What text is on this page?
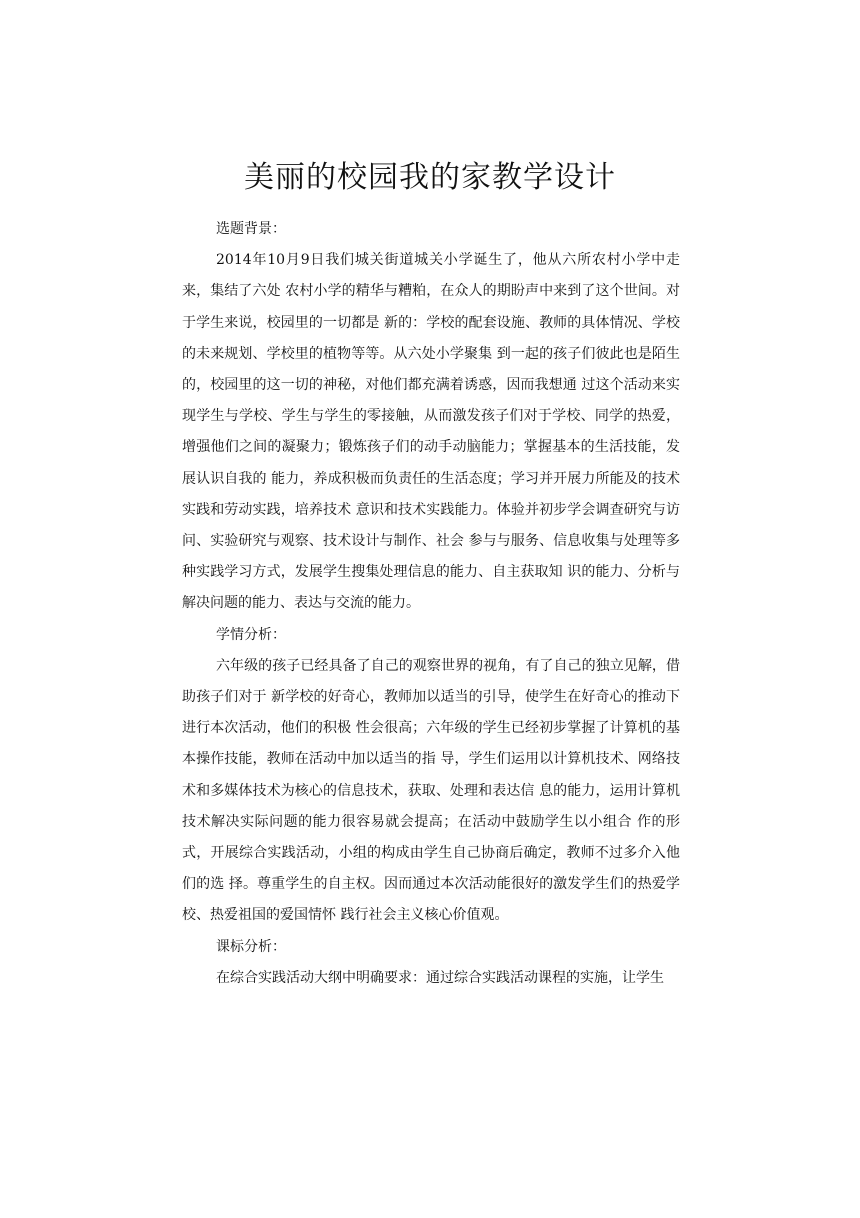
美丽的校园我的家教学设计

选题背景：

2014年10月9日我们城关街道城关小学诞生了，他从六所农村小学中走来，集结了六处 农村小学的精华与糟粕，在众人的期盼声中来到了这个世间。对于学生来说，校园里的一切都是 新的：学校的配套设施、教师的具体情况、学校的未来规划、学校里的植物等等。从六处小学聚集 到一起的孩子们彼此也是陌生的，校园里的这一切的神秘，对他们都充满着诱惑，因而我想通 过这个活动来实现学生与学校、学生与学生的零接触，从而激发孩子们对于学校、同学的热爱， 增强他们之间的凝聚力；锻炼孩子们的动手动脑能力；掌握基本的生活技能，发展认识自我的 能力，养成积极而负责任的生活态度；学习并开展力所能及的技术实践和劳动实践，培养技术 意识和技术实践能力。体验并初步学会调查研究与访问、实验研究与观察、技术设计与制作、社会 参与与服务、信息收集与处理等多种实践学习方式，发展学生搜集处理信息的能力、自主获取知 识的能力、分析与解决问题的能力、表达与交流的能力。

学情分析：

六年级的孩子已经具备了自己的观察世界的视角，有了自己的独立见解，借助孩子们对于 新学校的好奇心，教师加以适当的引导，使学生在好奇心的推动下进行本次活动，他们的积极 性会很高；六年级的学生已经初步掌握了计算机的基本操作技能，教师在活动中加以适当的指 导，学生们运用以计算机技术、网络技术和多媒体技术为核心的信息技术，获取、处理和表达信 息的能力，运用计算机技术解决实际问题的能力很容易就会提高；在活动中鼓励学生以小组合 作的形式，开展综合实践活动，小组的构成由学生自己协商后确定，教师不过多介入他们的选 择。尊重学生的自主权。因而通过本次活动能很好的激发学生们的热爱学校、热爱祖国的爱国情怀 践行社会主义核心价值观。

课标分析：

在综合实践活动大纲中明确要求：通过综合实践活动课程的实施，让学生
